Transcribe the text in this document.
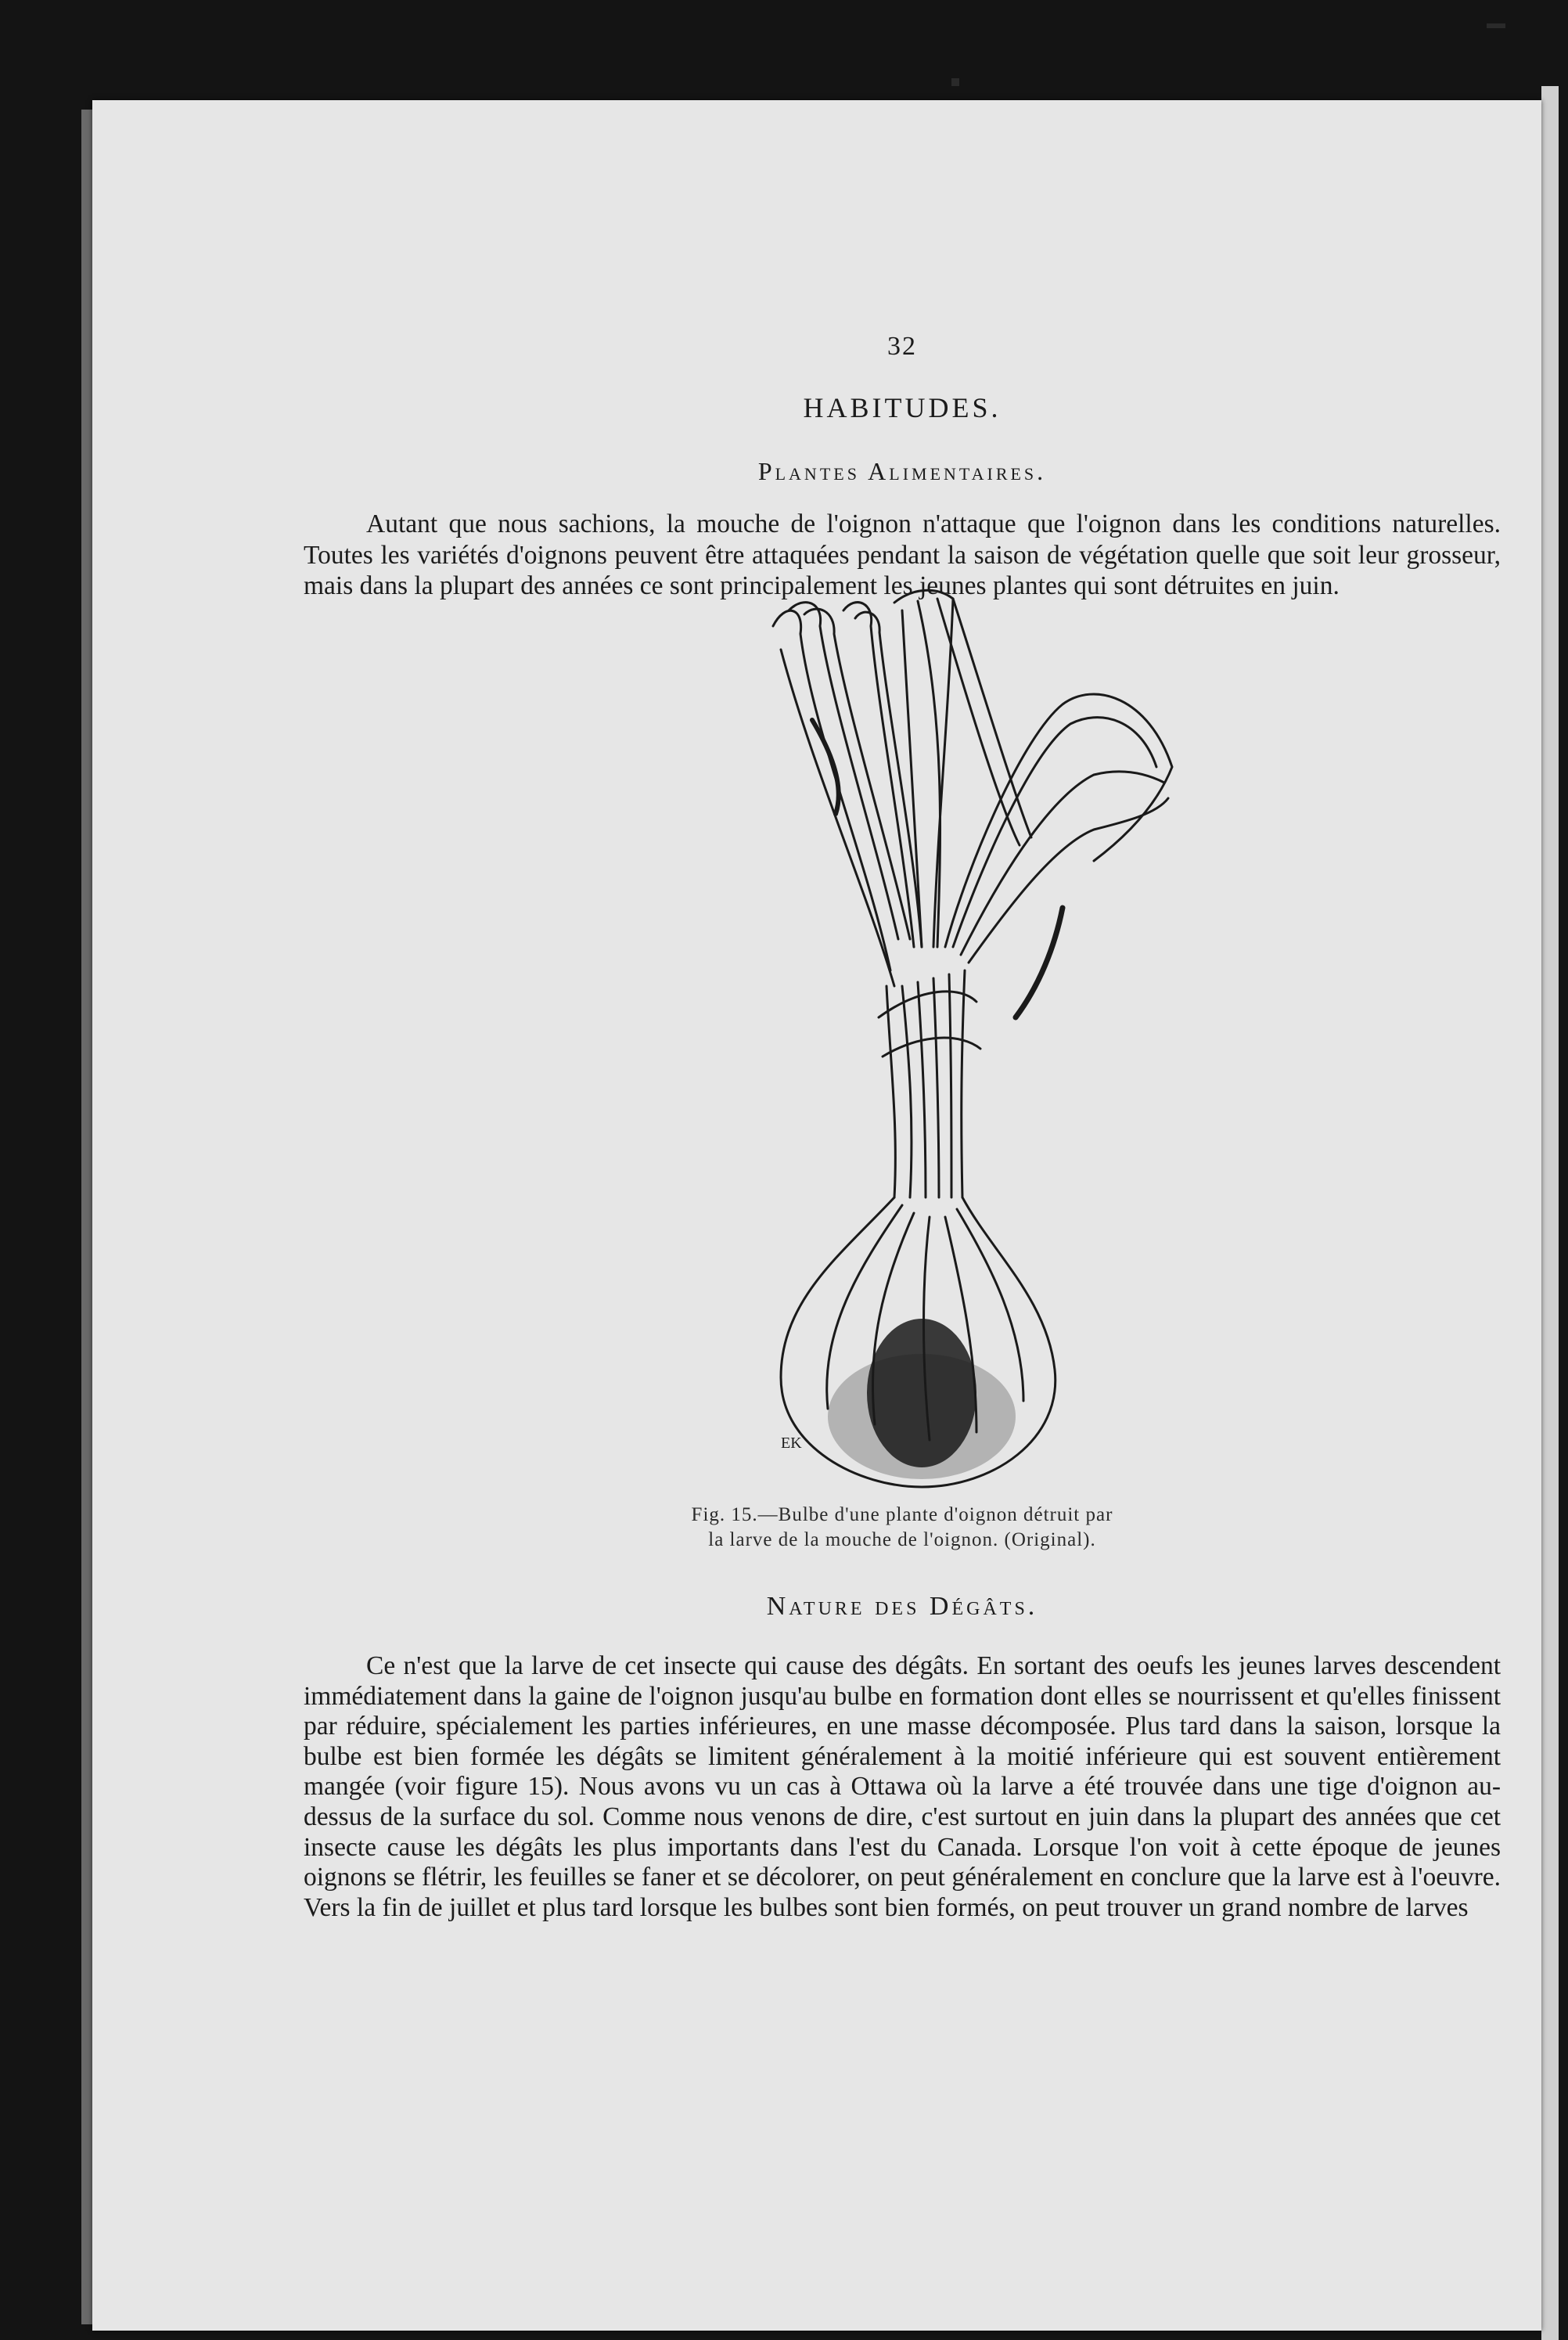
32
HABITUDES.
Plantes Alimentaires.

Autant que nous sachions, la mouche de l'oignon n'attaque que l'oignon dans les conditions naturelles. Toutes les variétés d'oignons peuvent être attaquées pendant la saison de végétation quelle que soit leur grosseur, mais dans la plupart des années ce sont principalement les jeunes plantes qui sont détruites en juin.

EK
Fig. 15.—Bulbe d'une plante d'oignon détruit par
la larve de la mouche de l'oignon. (Original).
Nature des Dégâts.

Ce n'est que la larve de cet insecte qui cause des dégâts. En sortant des oeufs les jeunes larves descendent immédiatement dans la gaine de l'oignon jusqu'au bulbe en formation dont elles se nourrissent et qu'elles finissent par réduire, spécialement les parties inférieures, en une masse décomposée. Plus tard dans la saison, lorsque la bulbe est bien formée les dégâts se limitent généralement à la moitié inférieure qui est souvent entièrement mangée (voir figure 15). Nous avons vu un cas à Ottawa où la larve a été trouvée dans une tige d'oignon au-dessus de la surface du sol. Comme nous venons de dire, c'est surtout en juin dans la plupart des années que cet insecte cause les dégâts les plus importants dans l'est du Canada. Lorsque l'on voit à cette époque de jeunes oignons se flétrir, les feuilles se faner et se décolorer, on peut généralement en conclure que la larve est à l'oeuvre. Vers la fin de juillet et plus tard lorsque les bulbes sont bien formés, on peut trouver un grand nombre de larves
